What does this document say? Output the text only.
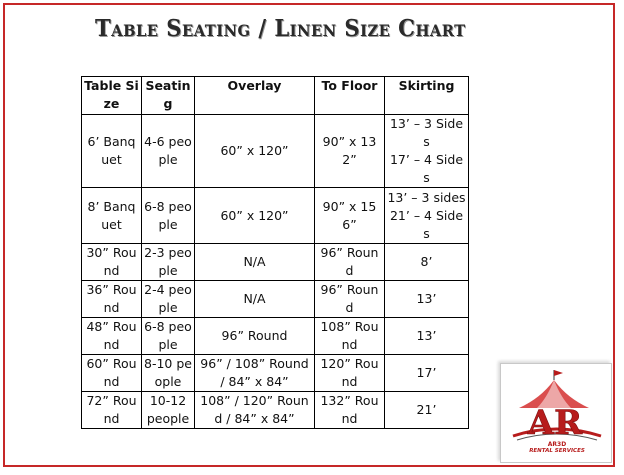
Table Seating / Linen Size Chart
Table Size	Seating	Overlay	To Floor	Skirting
6’ Banquet	4-6 people	60” x 120”	90” x 132”	13’ – 3 Sides
17’ – 4 Sides

8’ Banquet	6-8 people	60” x 120”	90” x 156”	13’ – 3 sides
21’ – 4 Sides

30” Round	2-3 people	N/A	96” Round	8’
36” Round	2-4 people	N/A	96” Round	13’
48” Round	6-8 people	96” Round	108” Round	13’
60” Round	8-10 people	96” / 108” Round / 84” x 84”	120” Round	17’
72” Round	10-12 people	108” / 120” Round / 84” x 84”	132” Round	21’	AR
AR3D
RENTAL SERVICES
